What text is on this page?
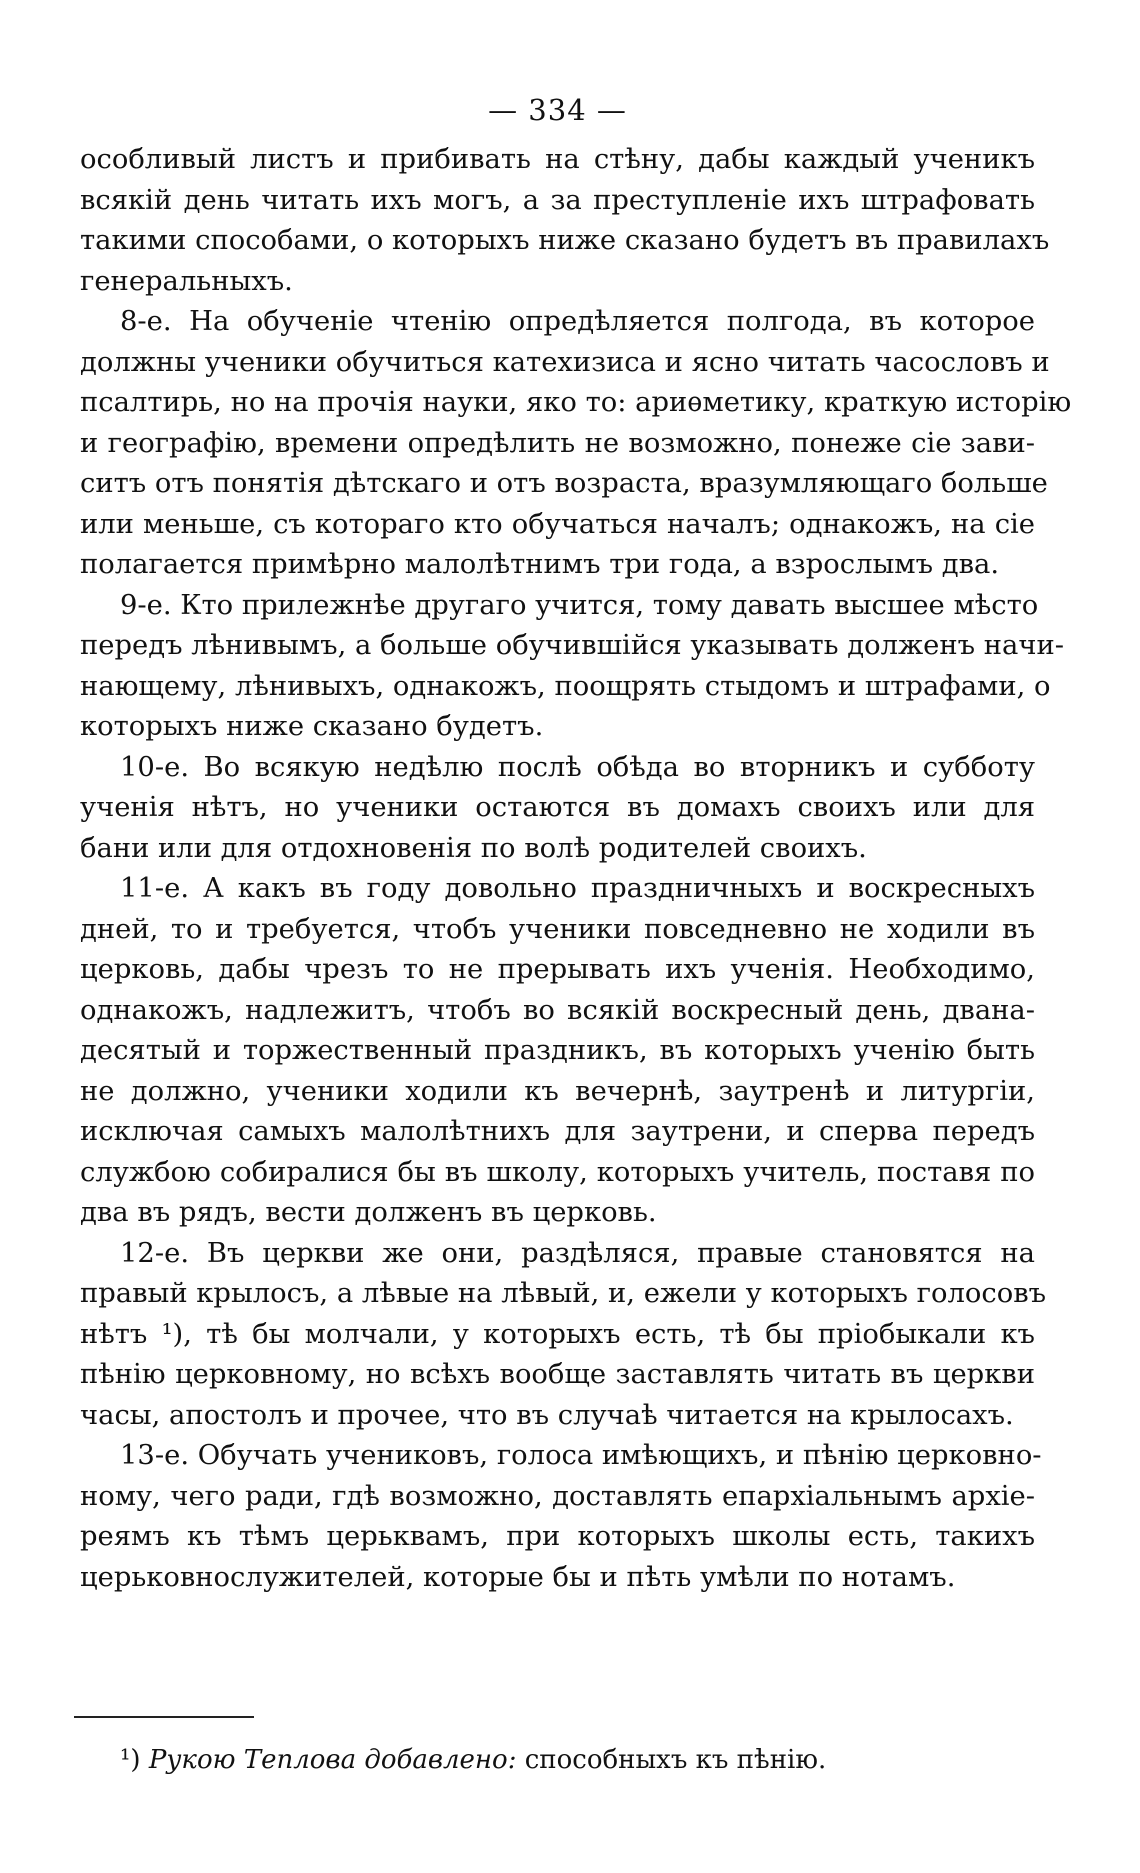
— 334 —

особливый листъ и прибивать на стѣну, дабы каждый ученикъ
всякій день читать ихъ могъ, а за преступленіе ихъ штрафовать
такими способами, о которыхъ ниже сказано будетъ въ правилахъ
генеральныхъ.

8-е. На обученіе чтенію опредѣляется полгода, въ которое
должны ученики обучиться катехизиса и ясно читать часословъ и
псалтирь, но на прочія науки, яко то: ариѳметику, краткую исторію
и географію, времени опредѣлить не возможно, понеже сіе зави-
ситъ отъ понятія дѣтскаго и отъ возраста, вразумляющаго больше
или меньше, съ котораго кто обучаться началъ; однакожъ, на сіе
полагается примѣрно малолѣтнимъ три года, а взрослымъ два.

9-е. Кто прилежнѣе другаго учится, тому давать высшее мѣсто
передъ лѣнивымъ, а больше обучившійся указывать долженъ начи-
нающему, лѣнивыхъ, однакожъ, поощрять стыдомъ и штрафами, о
которыхъ ниже сказано будетъ.

10-е. Во всякую недѣлю послѣ обѣда во вторникъ и субботу
ученія нѣтъ, но ученики остаются въ домахъ своихъ или для
бани или для отдохновенія по волѣ родителей своихъ.

11-е. А какъ въ году довольно праздничныхъ и воскресныхъ
дней, то и требуется, чтобъ ученики повседневно не ходили въ
церковь, дабы чрезъ то не прерывать ихъ ученія. Необходимо,
однакожъ, надлежитъ, чтобъ во всякій воскресный день, двана-
десятый и торжественный праздникъ, въ которыхъ ученію быть
не должно, ученики ходили къ вечернѣ, заутренѣ и литургіи,
исключая самыхъ малолѣтнихъ для заутрени, и сперва передъ
службою собиралися бы въ школу, которыхъ учитель, поставя по
два въ рядъ, вести долженъ въ церковь.

12-е. Въ церкви же они, раздѣляся, правые становятся на
правый крылосъ, а лѣвые на лѣвый, и, ежели у которыхъ голосовъ
нѣтъ ¹), тѣ бы молчали, у которыхъ есть, тѣ бы пріобыкали къ
пѣнію церковному, но всѣхъ вообще заставлять читать въ церкви
часы, апостолъ и прочее, что въ случаѣ читается на крылосахъ.

13-е. Обучать учениковъ, голоса имѣющихъ, и пѣнію церковно-
ному, чего ради, гдѣ возможно, доставлять епархіальнымъ архіе-
реямъ къ тѣмъ церьквамъ, при которыхъ школы есть, такихъ
церьковнослужителей, которые бы и пѣть умѣли по нотамъ.

¹) Рукою Теплова добавлено: способныхъ къ пѣнію.
